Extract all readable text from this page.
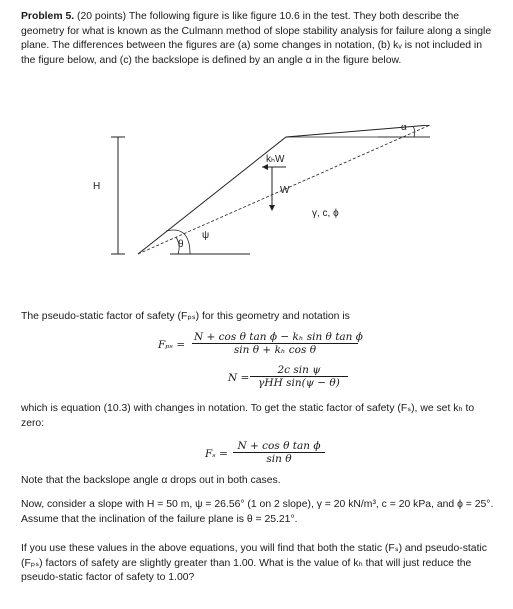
Problem 5. (20 points) The following figure is like figure 10.6 in the test. They both describe the geometry for what is known as the Culmann method of slope stability analysis for failure along a single plane. The differences between the figures are (a) some changes in notation, (b) kᵥ is not included in the figure below, and (c) the backslope is defined by an angle α in the figure below.

H
α
kₕW
W
γ, c, ϕ
θ
ψ

The pseudo-static factor of safety (Fₚₛ) for this geometry and notation is

$F_{ps} = \frac{\text{N + cos θ tan ϕ − kₕ sin θ tan ϕ}}{\text{sin θ + kₕ cos θ}}$
N =
2c sin ψ
γHH sin(ψ − θ)

which is equation (10.3) with changes in notation. To get the static factor of safety (Fₛ), we set kₕ to zero:

$F_s = \frac{\text{N + cos θ tan ϕ}}{\text{sin θ}}$

Note that the backslope angle α drops out in both cases.

Now, consider a slope with H = 50 m, ψ = 26.56° (1 on 2 slope), γ = 20 kN/m³, c = 20 kPa, and ϕ = 25°. Assume that the inclination of the failure plane is θ = 25.21°.

If you use these values in the above equations, you will find that both the static (Fₛ) and pseudo-static (Fₚₛ) factors of safety are slightly greater than 1.00. What is the value of kₕ that will just reduce the pseudo-static factor of safety to 1.00?
